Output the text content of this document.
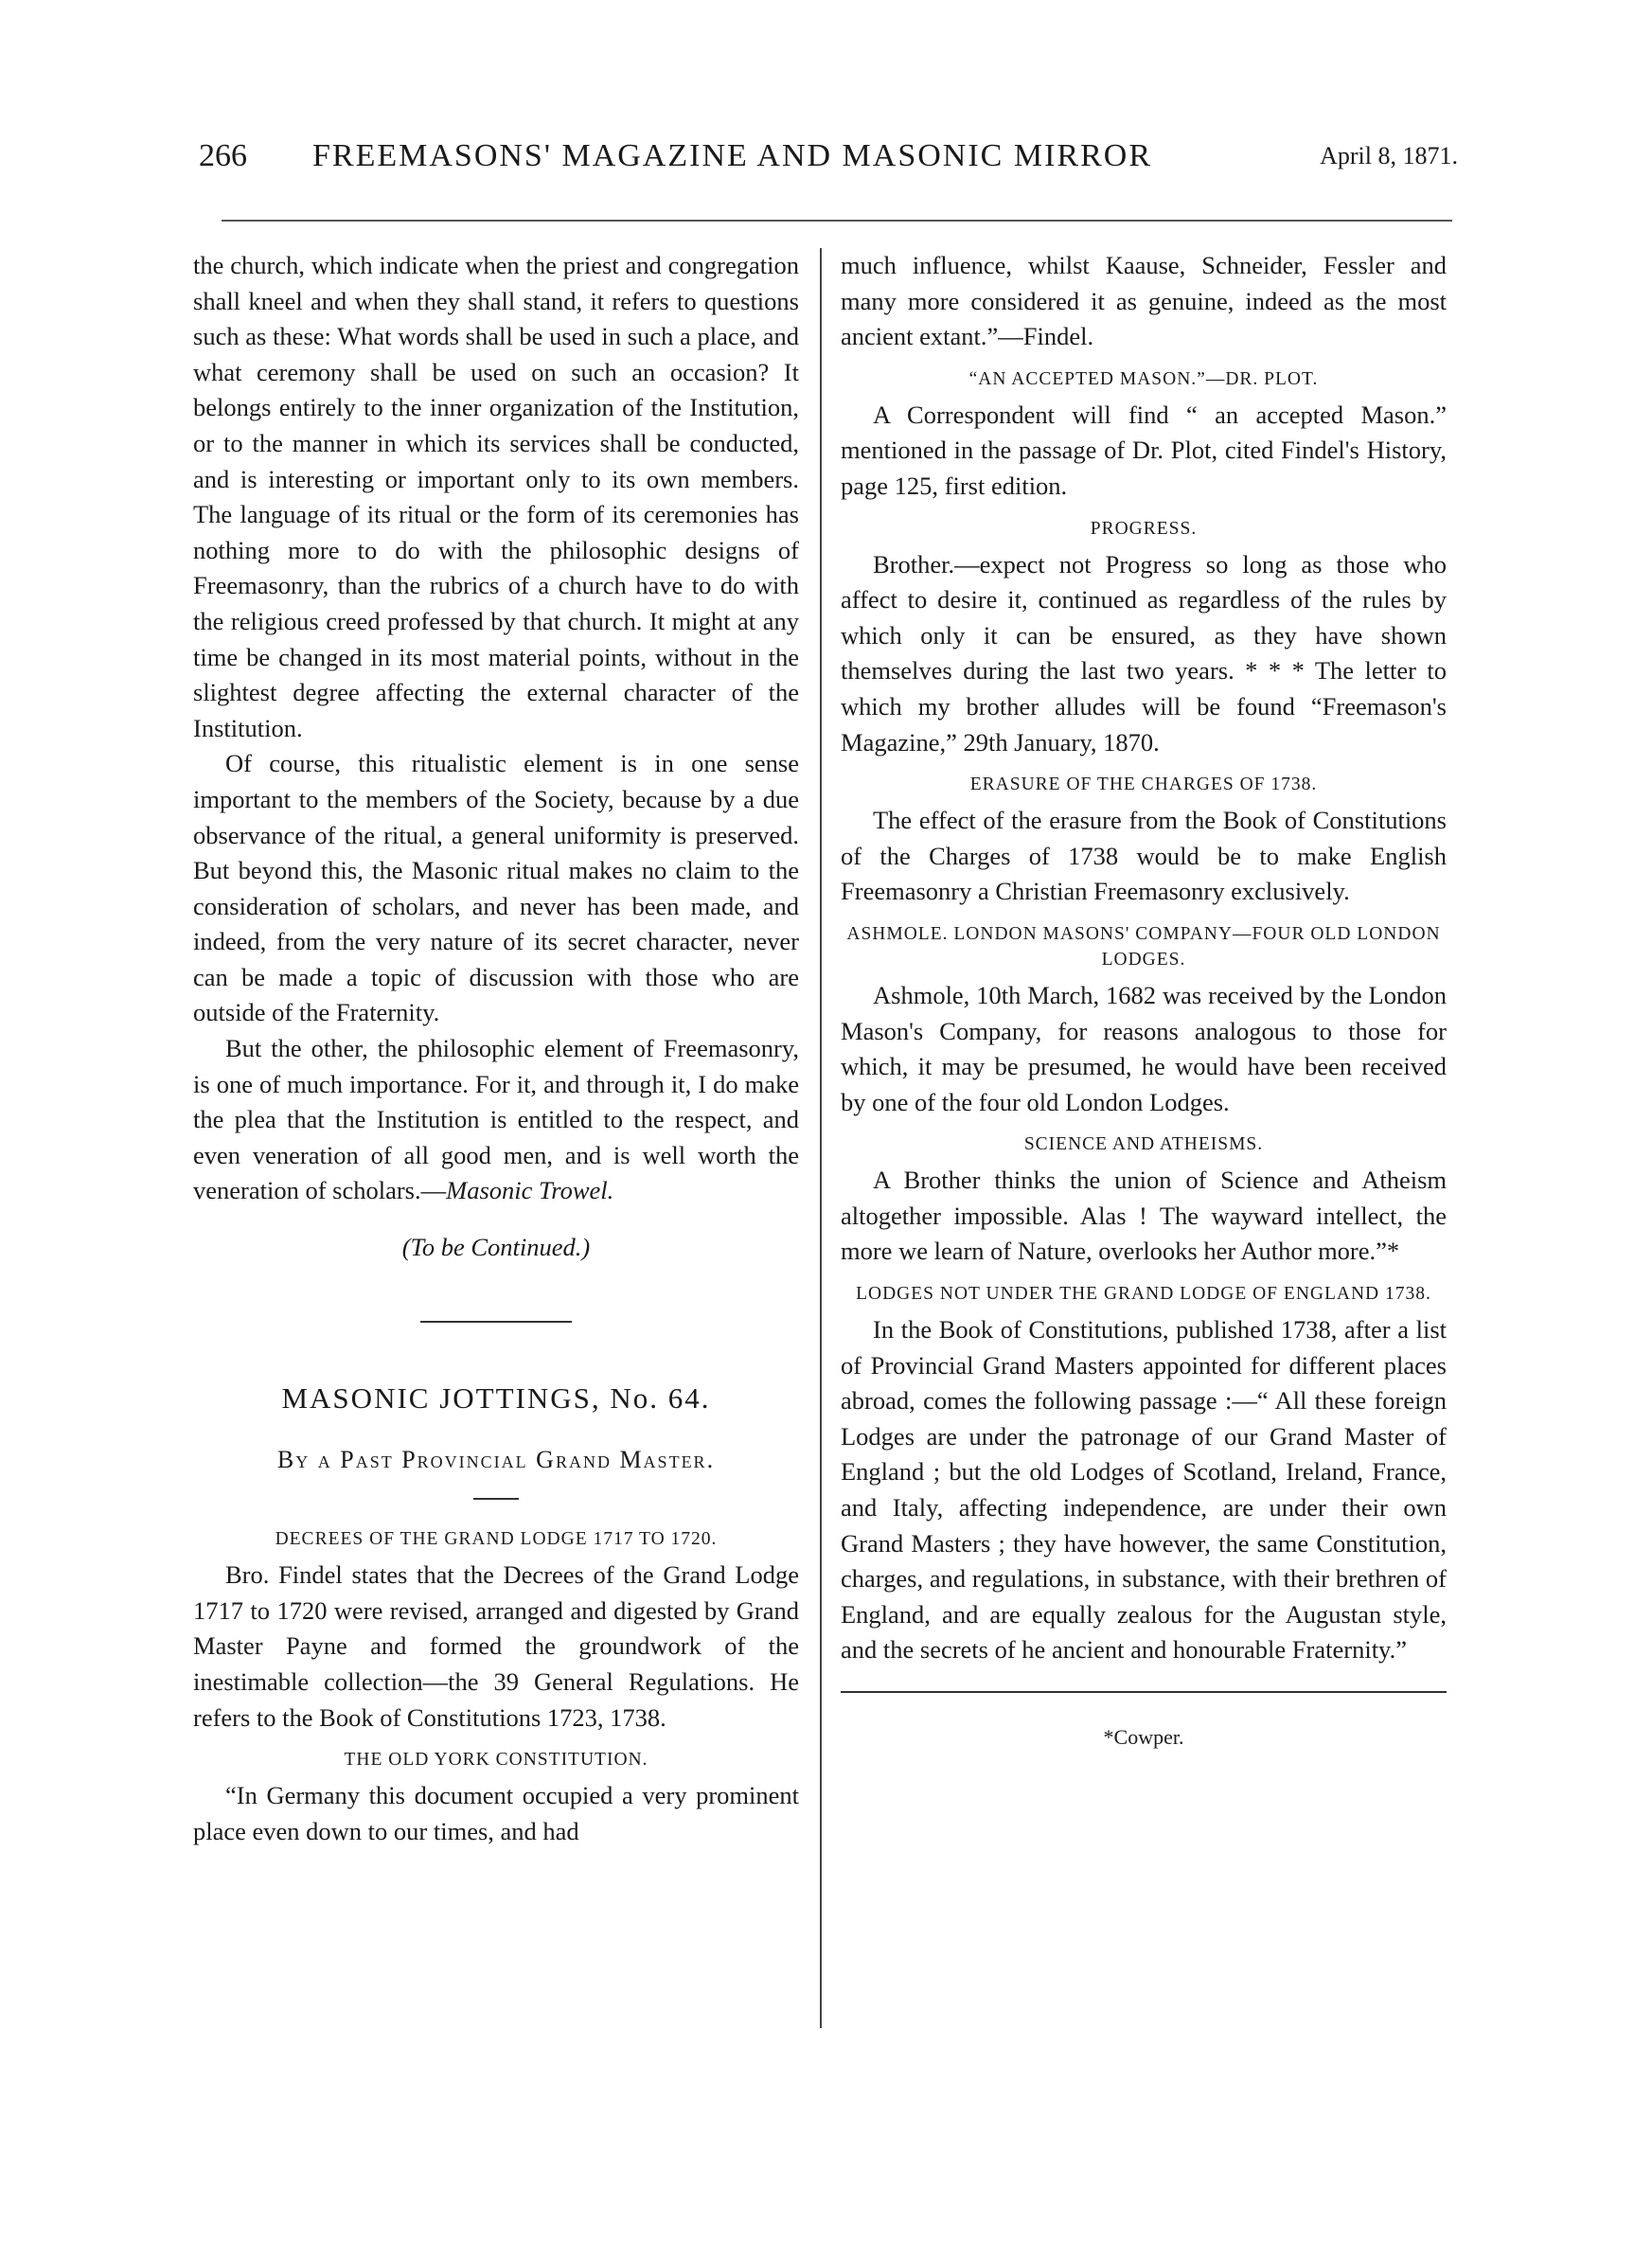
266 FREEMASONS' MAGAZINE AND MASONIC MIRROR	April 8, 1871.

the church, which indicate when the priest and congregation shall kneel and when they shall stand, it refers to questions such as these: What words shall be used in such a place, and what ceremony shall be used on such an occasion? It belongs entirely to the inner organization of the Institution, or to the manner in which its services shall be conducted, and is interesting or important only to its own members. The language of its ritual or the form of its ceremonies has nothing more to do with the philosophic designs of Freemasonry, than the rubrics of a church have to do with the religious creed professed by that church. It might at any time be changed in its most material points, without in the slightest degree affecting the external character of the Institution.

Of course, this ritualistic element is in one sense important to the members of the Society, because by a due observance of the ritual, a general uniformity is preserved. But beyond this, the Masonic ritual makes no claim to the consideration of scholars, and never has been made, and indeed, from the very nature of its secret character, never can be made a topic of discussion with those who are outside of the Fraternity.

But the other, the philosophic element of Freemasonry, is one of much importance. For it, and through it, I do make the plea that the Institution is entitled to the respect, and even veneration of all good men, and is well worth the veneration of scholars.—Masonic Trowel.

(To be Continued.)

MASONIC JOTTINGS, No. 64.
By a Past Provincial Grand Master.
DECREES OF THE GRAND LODGE 1717 TO 1720.

Bro. Findel states that the Decrees of the Grand Lodge 1717 to 1720 were revised, arranged and digested by Grand Master Payne and formed the groundwork of the inestimable collection—the 39 General Regulations. He refers to the Book of Constitutions 1723, 1738.

THE OLD YORK CONSTITUTION.

“In Germany this document occupied a very prominent place even down to our times, and had

much influence, whilst Kaause, Schneider, Fessler and many more considered it as genuine, indeed as the most ancient extant.”—Findel.

“AN ACCEPTED MASON.”—DR. PLOT.

A Correspondent will find “ an accepted Mason.” mentioned in the passage of Dr. Plot, cited Findel's History, page 125, first edition.

PROGRESS.

Brother.—expect not Progress so long as those who affect to desire it, continued as regardless of the rules by which only it can be ensured, as they have shown themselves during the last two years. * * * The letter to which my brother alludes will be found “Freemason's Magazine,” 29th January, 1870.

ERASURE OF THE CHARGES OF 1738.

The effect of the erasure from the Book of Constitutions of the Charges of 1738 would be to make English Freemasonry a Christian Freemasonry exclusively.

ASHMOLE. LONDON MASONS' COMPANY—FOUR OLD LONDON LODGES.

Ashmole, 10th March, 1682 was received by the London Mason's Company, for reasons analogous to those for which, it may be presumed, he would have been received by one of the four old London Lodges.

SCIENCE AND ATHEISMS.

A Brother thinks the union of Science and Atheism altogether impossible. Alas ! The wayward intellect, the more we learn of Nature, overlooks her Author more.”*

LODGES NOT UNDER THE GRAND LODGE OF ENGLAND 1738.

In the Book of Constitutions, published 1738, after a list of Provincial Grand Masters appointed for different places abroad, comes the following passage :—“ All these foreign Lodges are under the patronage of our Grand Master of England ; but the old Lodges of Scotland, Ireland, France, and Italy, affecting independence, are under their own Grand Masters ; they have however, the same Constitution, charges, and regulations, in substance, with their brethren of England, and are equally zealous for the Augustan style, and the secrets of he ancient and honourable Fraternity.”

*Cowper.
